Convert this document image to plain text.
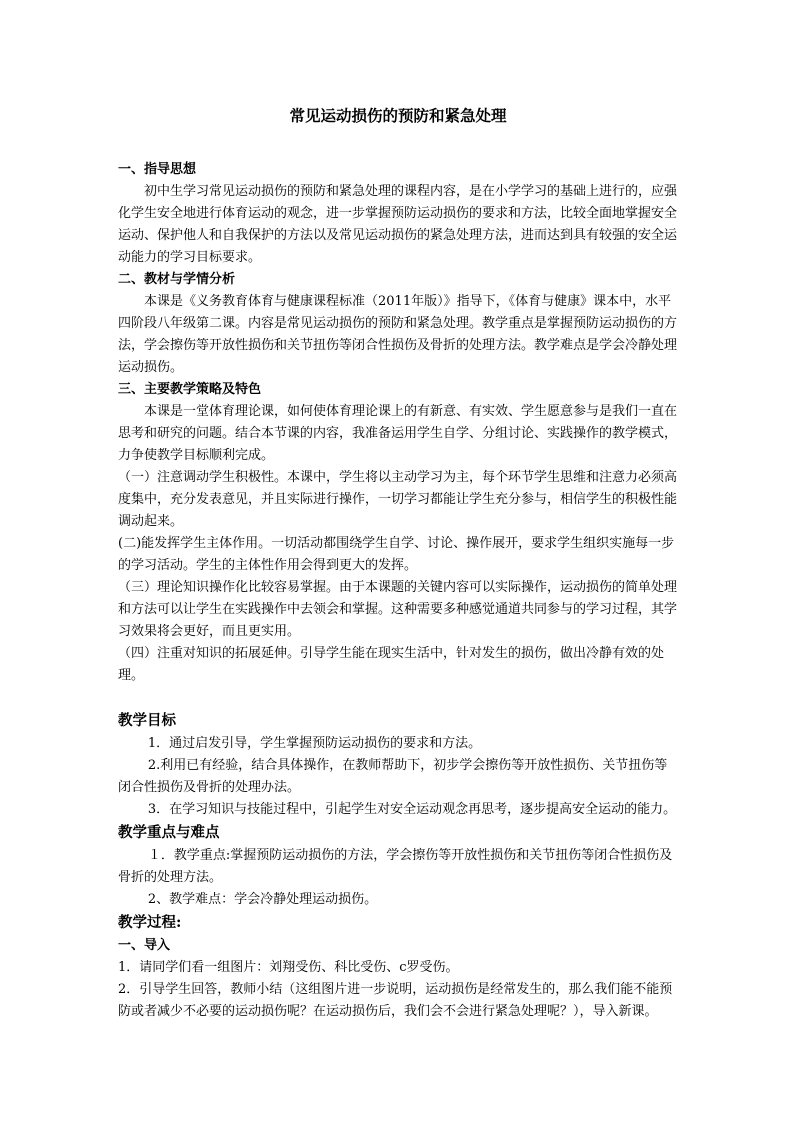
常见运动损伤的预防和紧急处理

一、指导思想

初中生学习常见运动损伤的预防和紧急处理的课程内容，是在小学学习的基础上进行的，应强化学生安全地进行体育运动的观念，进一步掌握预防运动损伤的要求和方法，比较全面地掌握安全运动、保护他人和自我保护的方法以及常见运动损伤的紧急处理方法，进而达到具有较强的安全运动能力的学习目标要求。

二、教材与学情分析

本课是《义务教育体育与健康课程标准（2011年版）》指导下，《体育与健康》课本中，水平四阶段八年级第二课。内容是常见运动损伤的预防和紧急处理。教学重点是掌握预防运动损伤的方法，学会擦伤等开放性损伤和关节扭伤等闭合性损伤及骨折的处理方法。教学难点是学会冷静处理运动损伤。

三、主要教学策略及特色

本课是一堂体育理论课，如何使体育理论课上的有新意、有实效、学生愿意参与是我们一直在思考和研究的问题。结合本节课的内容，我准备运用学生自学、分组讨论、实践操作的教学模式，力争使教学目标顺利完成。

（一）注意调动学生积极性。本课中，学生将以主动学习为主，每个环节学生思维和注意力必须高度集中，充分发表意见，并且实际进行操作，一切学习都能让学生充分参与，相信学生的积极性能调动起来。

(二)能发挥学生主体作用。一切活动都围绕学生自学、讨论、操作展开，要求学生组织实施每一步的学习活动。学生的主体性作用会得到更大的发挥。

（三）理论知识操作化比较容易掌握。由于本课题的关键内容可以实际操作，运动损伤的简单处理和方法可以让学生在实践操作中去领会和掌握。这种需要多种感觉通道共同参与的学习过程，其学习效果将会更好，而且更实用。

（四）注重对知识的拓展延伸。引导学生能在现实生活中，针对发生的损伤，做出冷静有效的处理。

教学目标

1．通过启发引导，学生掌握预防运动损伤的要求和方法。

2.利用已有经验，结合具体操作，在教师帮助下，初步学会擦伤等开放性损伤、关节扭伤等闭合性损伤及骨折的处理办法。

3．在学习知识与技能过程中，引起学生对安全运动观念再思考，逐步提高安全运动的能力。

教学重点与难点

１．教学重点:掌握预防运动损伤的方法，学会擦伤等开放性损伤和关节扭伤等闭合性损伤及骨折的处理方法。

2、教学难点：学会冷静处理运动损伤。

教学过程:

一、导入

1．请同学们看一组图片：刘翔受伤、科比受伤、c罗受伤。

2．引导学生回答，教师小结（这组图片进一步说明，运动损伤是经常发生的，那么我们能不能预防或者减少不必要的运动损伤呢？在运动损伤后，我们会不会进行紧急处理呢？），导入新课。
